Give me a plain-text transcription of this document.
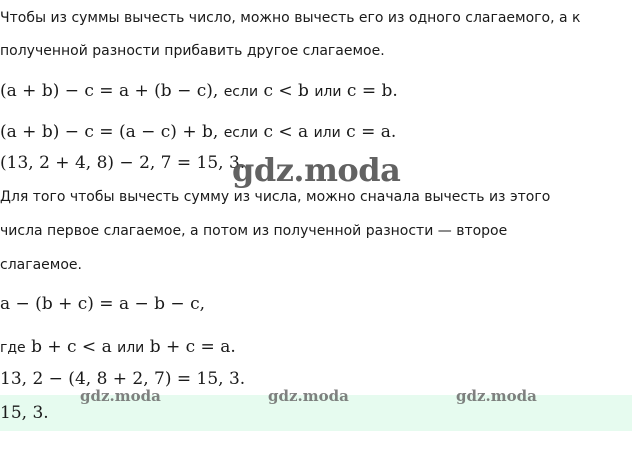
Чтобы из суммы вычесть число, можно вычесть его из одного слагаемого, а к
полученной разности прибавить другое слагаемое.
(a + b) − c = a + (b − c), если c < b или c = b.
(a + b) − c = (a − c) + b, если c < a или c = a.
(13, 2 + 4, 8) − 2, 7 = 15, 3.
Для того чтобы вычесть сумму из числа, можно сначала вычесть из этого
числа первое слагаемое, а потом из полученной разности — второе
слагаемое.
a − (b + c) = a − b − c,
где b + c < a или b + c = a.
13, 2 − (4, 8 + 2, 7) = 15, 3.
15, 3.
gdz.moda
gdz.moda	gdz.moda	gdz.moda
